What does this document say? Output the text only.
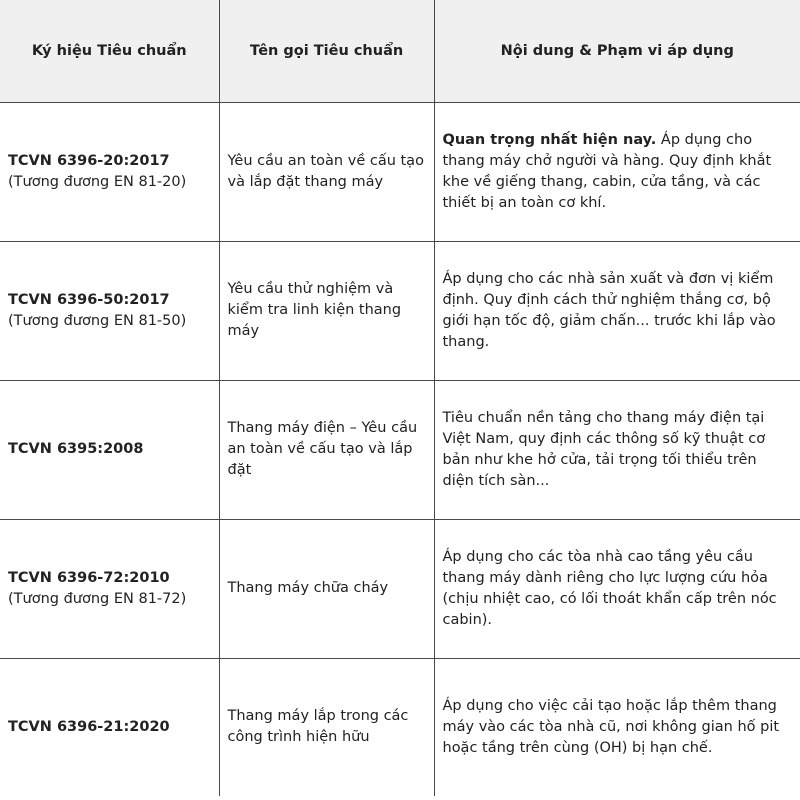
Ký hiệu Tiêu chuẩn	Tên gọi Tiêu chuẩn	Nội dung & Phạm vi áp dụng
TCVN 6396-20:2017 (Tương đương EN 81-20)	Yêu cầu an toàn về cấu tạo và lắp đặt thang máy	Quan trọng nhất hiện nay. Áp dụng cho thang máy chở người và hàng. Quy định khắt khe về giếng thang, cabin, cửa tầng, và các thiết bị an toàn cơ khí.
TCVN 6396-50:2017 (Tương đương EN 81-50)	Yêu cầu thử nghiệm và kiểm tra linh kiện thang máy	Áp dụng cho các nhà sản xuất và đơn vị kiểm định. Quy định cách thử nghiệm thắng cơ, bộ giới hạn tốc độ, giảm chấn... trước khi lắp vào thang.
TCVN 6395:2008	Thang máy điện – Yêu cầu an toàn về cấu tạo và lắp đặt	Tiêu chuẩn nền tảng cho thang máy điện tại Việt Nam, quy định các thông số kỹ thuật cơ bản như khe hở cửa, tải trọng tối thiểu trên diện tích sàn...
TCVN 6396-72:2010 (Tương đương EN 81-72)	Thang máy chữa cháy	Áp dụng cho các tòa nhà cao tầng yêu cầu thang máy dành riêng cho lực lượng cứu hỏa (chịu nhiệt cao, có lối thoát khẩn cấp trên nóc cabin).
TCVN 6396-21:2020	Thang máy lắp trong các công trình hiện hữu	Áp dụng cho việc cải tạo hoặc lắp thêm thang máy vào các tòa nhà cũ, nơi không gian hố pit hoặc tầng trên cùng (OH) bị hạn chế.
